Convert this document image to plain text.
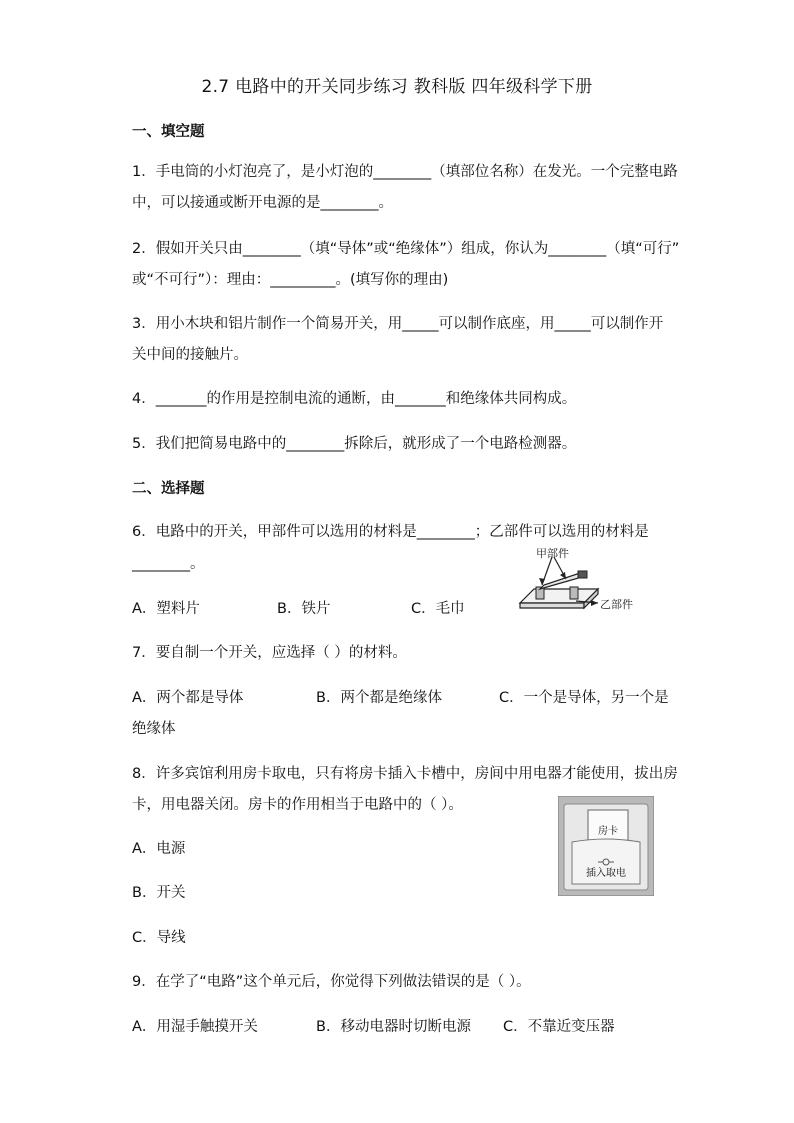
2.7 电路中的开关同步练习 教科版 四年级科学下册
一、填空题
1．手电筒的小灯泡亮了，是小灯泡的________（填部位名称）在发光。一个完整电路
中，可以接通或断开电源的是________。
2．假如开关只由________（填“导体”或“绝缘体”）组成，你认为________（填“可行”
或“不可行”）：理由：_________。(填写你的理由)
3．用小木块和铝片制作一个简易开关，用_____可以制作底座，用_____可以制作开
关中间的接触片。
4．_______的作用是控制电流的通断，由_______和绝缘体共同构成。
5．我们把简易电路中的________拆除后，就形成了一个电路检测器。
二、选择题
6．电路中的开关，甲部件可以选用的材料是________；乙部件可以选用的材料是
________。
A．塑料片	B．铁片	C．毛巾
甲部件
乙部件
7．要自制一个开关，应选择（ ）的材料。
A．两个都是导体	B．两个都是绝缘体	C．一个是导体，另一个是
绝缘体
8．许多宾馆利用房卡取电，只有将房卡插入卡槽中，房间中用电器才能使用，拔出房
卡，用电器关闭。房卡的作用相当于电路中的（ ）。
房卡
插入取电
A．电源
B．开关
C．导线
9．在学了“电路”这个单元后，你觉得下列做法错误的是（ ）。
A．用湿手触摸开关	B．移动电器时切断电源 C．不靠近变压器
